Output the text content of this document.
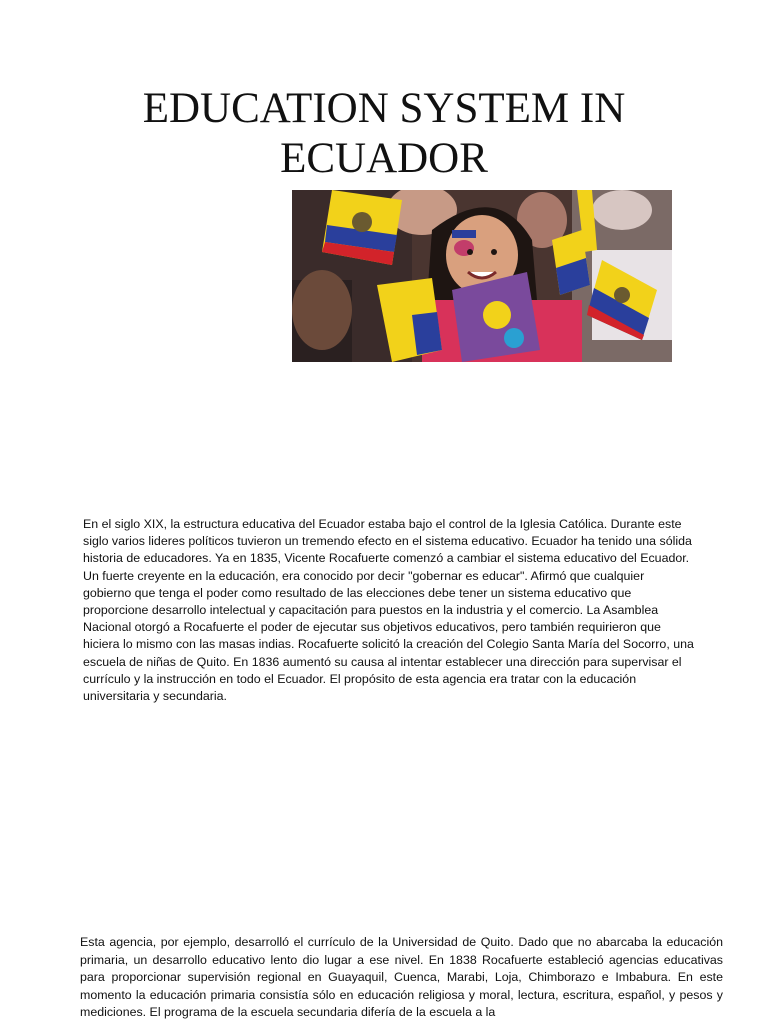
EDUCATION SYSTEM IN
ECUADOR

En el siglo XIX, la estructura educativa del Ecuador estaba bajo el control de la Iglesia Católica. Durante este siglo varios lideres políticos tuvieron un tremendo efecto en el sistema educativo. Ecuador ha tenido una sólida historia de educadores. Ya en 1835, Vicente Rocafuerte comenzó a cambiar el sistema educativo del Ecuador. Un fuerte creyente en la educación, era conocido por decir "gobernar es educar". Afirmó que cualquier gobierno que tenga el poder como resultado de las elecciones debe tener un sistema educativo que proporcione desarrollo intelectual y capacitación para puestos en la industria y el comercio. La Asamblea Nacional otorgó a Rocafuerte el poder de ejecutar sus objetivos educativos, pero también requirieron que hiciera lo mismo con las masas indias. Rocafuerte solicitó la creación del Colegio Santa María del Socorro, una escuela de niñas de Quito. En 1836 aumentó su causa al intentar establecer una dirección para supervisar el currículo y la instrucción en todo el Ecuador. El propósito de esta agencia era tratar con la educación universitaria y secundaria.

Esta agencia, por ejemplo, desarrolló el currículo de la Universidad de Quito. Dado que no abarcaba la educación primaria, un desarrollo educativo lento dio lugar a ese nivel. En 1838 Rocafuerte estableció agencias educativas para proporcionar supervisión regional en Guayaquil, Cuenca, Marabi, Loja, Chimborazo e Imbabura. En este momento la educación primaria consistía sólo en educación religiosa y moral, lectura, escritura, español, y pesos y mediciones. El programa de la escuela secundaria difería de la escuela a la
